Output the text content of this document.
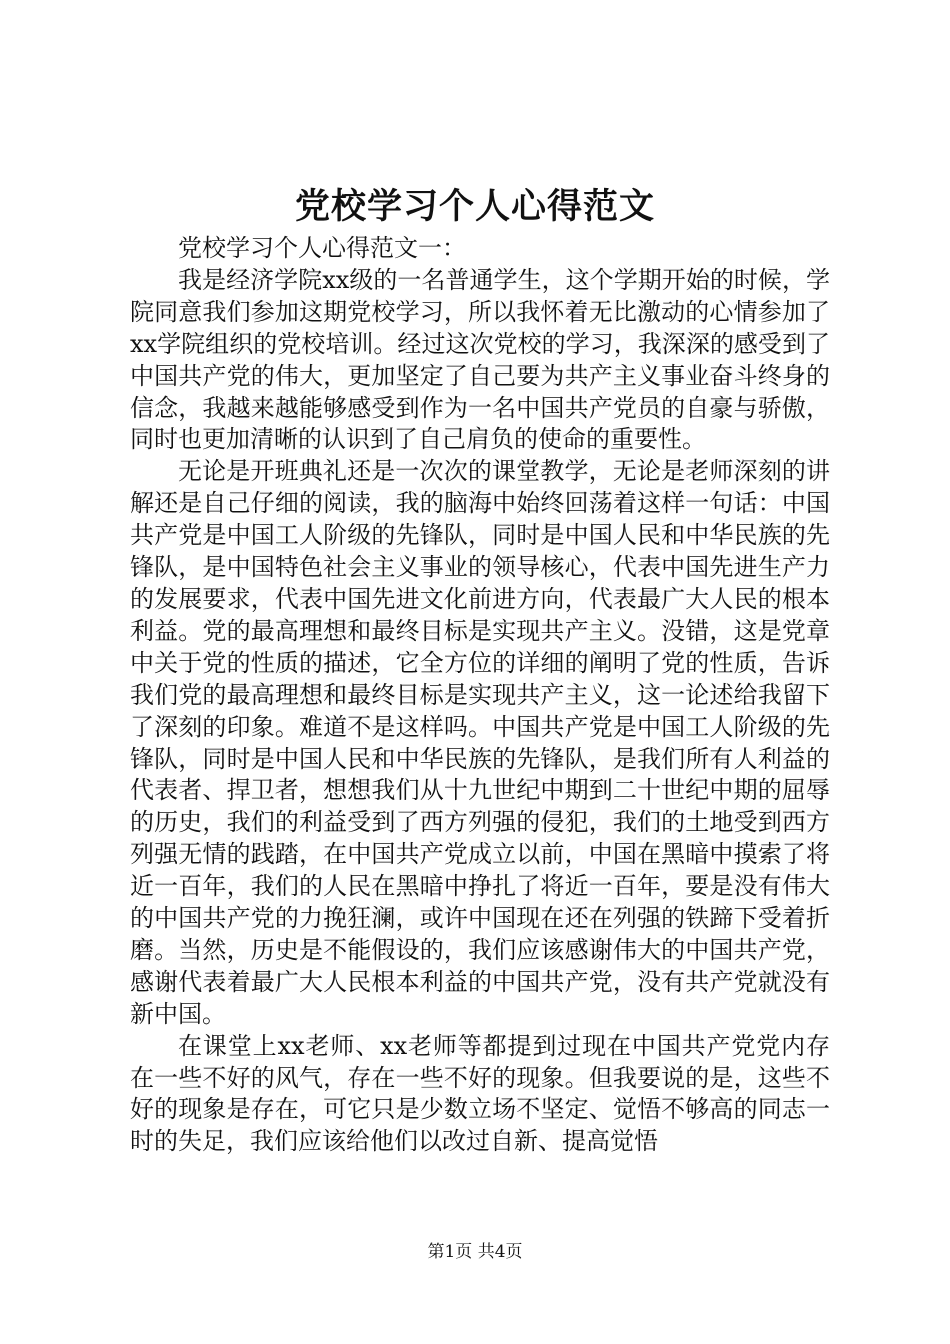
党校学习个人心得范文

党校学习个人心得范文一：

我是经济学院xx级的一名普通学生，这个学期开始的时候，学院同意我们参加这期党校学习，所以我怀着无比激动的心情参加了xx学院组织的党校培训。经过这次党校的学习，我深深的感受到了中国共产党的伟大，更加坚定了自己要为共产主义事业奋斗终身的信念，我越来越能够感受到作为一名中国共产党员的自豪与骄傲，同时也更加清晰的认识到了自己肩负的使命的重要性。

无论是开班典礼还是一次次的课堂教学，无论是老师深刻的讲解还是自己仔细的阅读，我的脑海中始终回荡着这样一句话：中国共产党是中国工人阶级的先锋队，同时是中国人民和中华民族的先锋队，是中国特色社会主义事业的领导核心，代表中国先进生产力的发展要求，代表中国先进文化前进方向，代表最广大人民的根本利益。党的最高理想和最终目标是实现共产主义。没错，这是党章中关于党的性质的描述，它全方位的详细的阐明了党的性质，告诉我们党的最高理想和最终目标是实现共产主义，这一论述给我留下了深刻的印象。难道不是这样吗。中国共产党是中国工人阶级的先锋队，同时是中国人民和中华民族的先锋队，是我们所有人利益的代表者、捍卫者，想想我们从十九世纪中期到二十世纪中期的屈辱的历史，我们的利益受到了西方列强的侵犯，我们的土地受到西方列强无情的践踏，在中国共产党成立以前，中国在黑暗中摸索了将近一百年，我们的人民在黑暗中挣扎了将近一百年，要是没有伟大的中国共产党的力挽狂澜，或许中国现在还在列强的铁蹄下受着折磨。当然，历史是不能假设的，我们应该感谢伟大的中国共产党，感谢代表着最广大人民根本利益的中国共产党，没有共产党就没有新中国。

在课堂上xx老师、xx老师等都提到过现在中国共产党党内存在一些不好的风气，存在一些不好的现象。但我要说的是，这些不好的现象是存在，可它只是少数立场不坚定、觉悟不够高的同志一时的失足，我们应该给他们以改过自新、提高觉悟

第1页 共4页
